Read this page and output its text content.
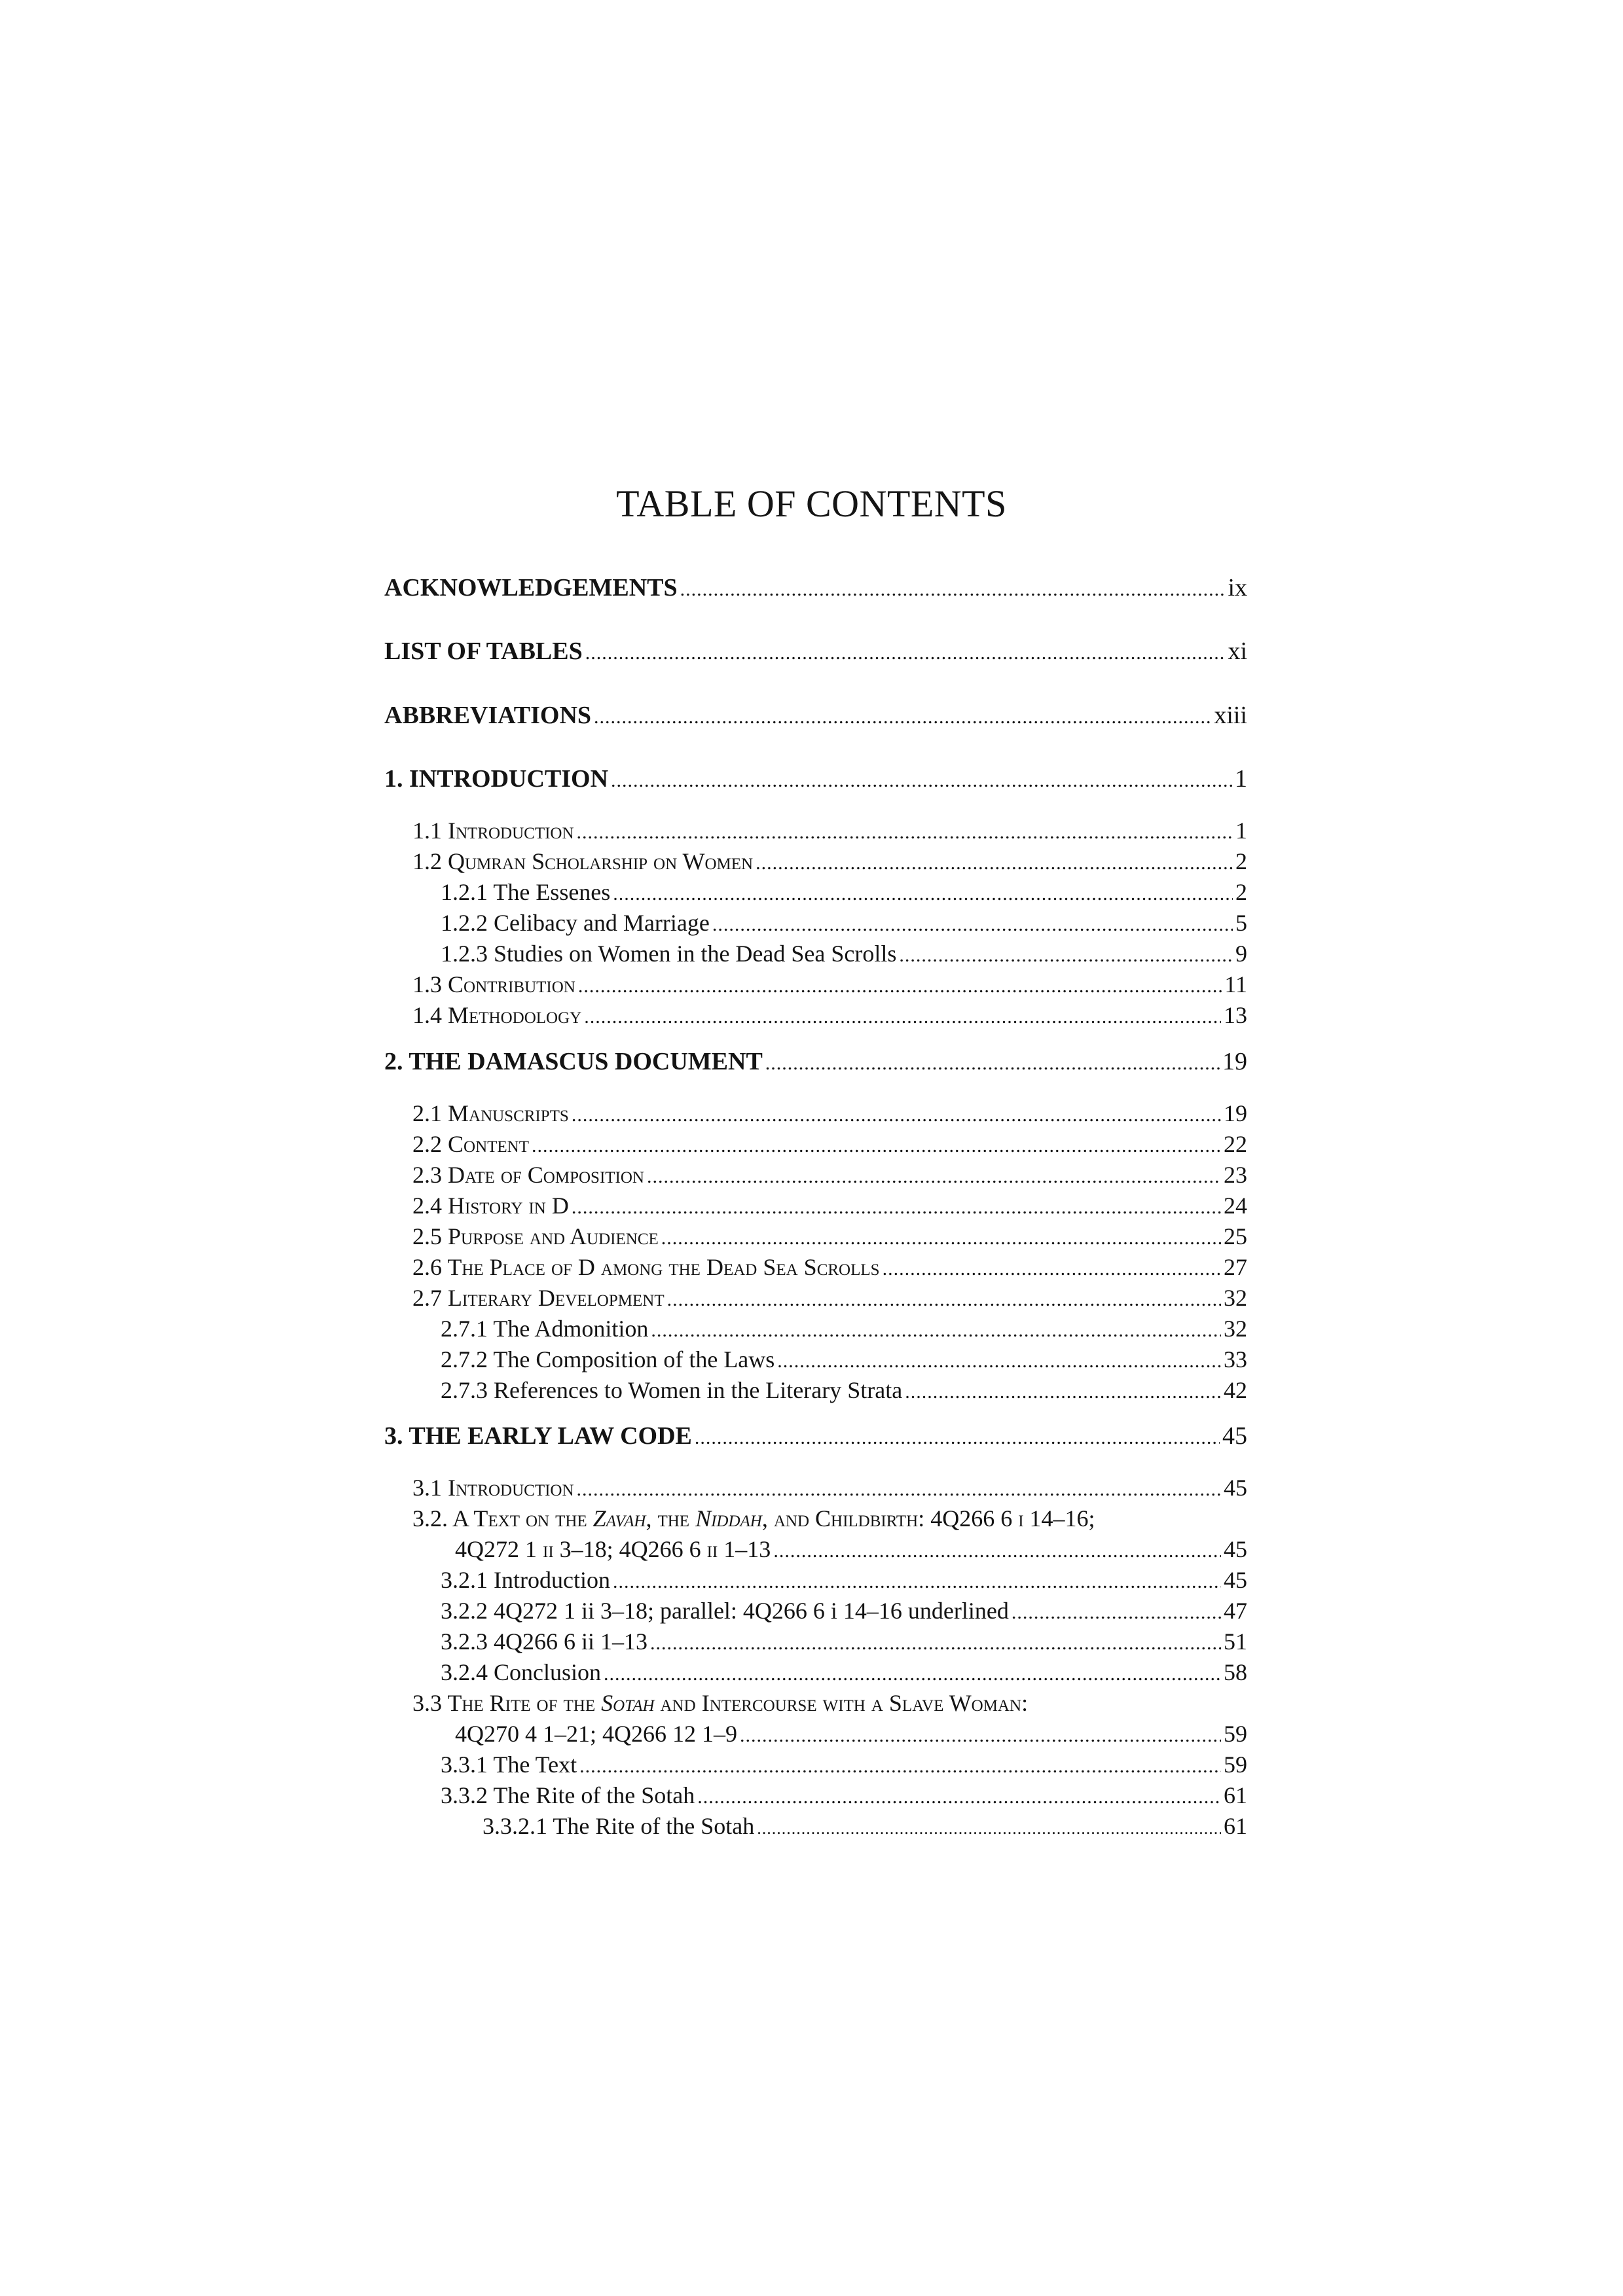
TABLE OF CONTENTS
ACKNOWLEDGEMENTS .....	ix
LIST OF TABLES .....	xi
ABBREVIATIONS .....	xiii
1. INTRODUCTION .....	1
1.1 Introduction .....	1
1.2 Qumran Scholarship on Women .....	2
1.2.1 The Essenes .....	2
1.2.2 Celibacy and Marriage .....	5
1.2.3 Studies on Women in the Dead Sea Scrolls .....	9
1.3 Contribution .....	11
1.4 Methodology .....	13
2. THE DAMASCUS DOCUMENT .....	19
2.1 Manuscripts .....	19
2.2 Content .....	22
2.3 Date of Composition .....	23
2.4 History in D .....	24
2.5 Purpose and Audience .....	25
2.6 The Place of D among the Dead Sea Scrolls .....	27
2.7 Literary Development .....	32
2.7.1 The Admonition .....	32
2.7.2 The Composition of the Laws .....	33
2.7.3 References to Women in the Literary Strata .....	42
3. THE EARLY LAW CODE .....	45
3.1 Introduction .....	45
3.2. A Text on the Zavah, the Niddah, and Childbirth: 4Q266 6 i 14–16;
4Q272 1 ii 3–18; 4Q266 6 ii 1–13 .....	45
3.2.1 Introduction .....	45
3.2.2 4Q272 1 ii 3–18; parallel: 4Q266 6 i 14–16 underlined .....	47
3.2.3 4Q266 6 ii 1–13 .....	51
3.2.4 Conclusion .....	58
3.3 The Rite of the Sotah and Intercourse with a Slave Woman:
4Q270 4 1–21; 4Q266 12 1–9 .....	59
3.3.1 The Text .....	59
3.3.2 The Rite of the Sotah .....	61
3.3.2.1 The Rite of the Sotah .....	61
